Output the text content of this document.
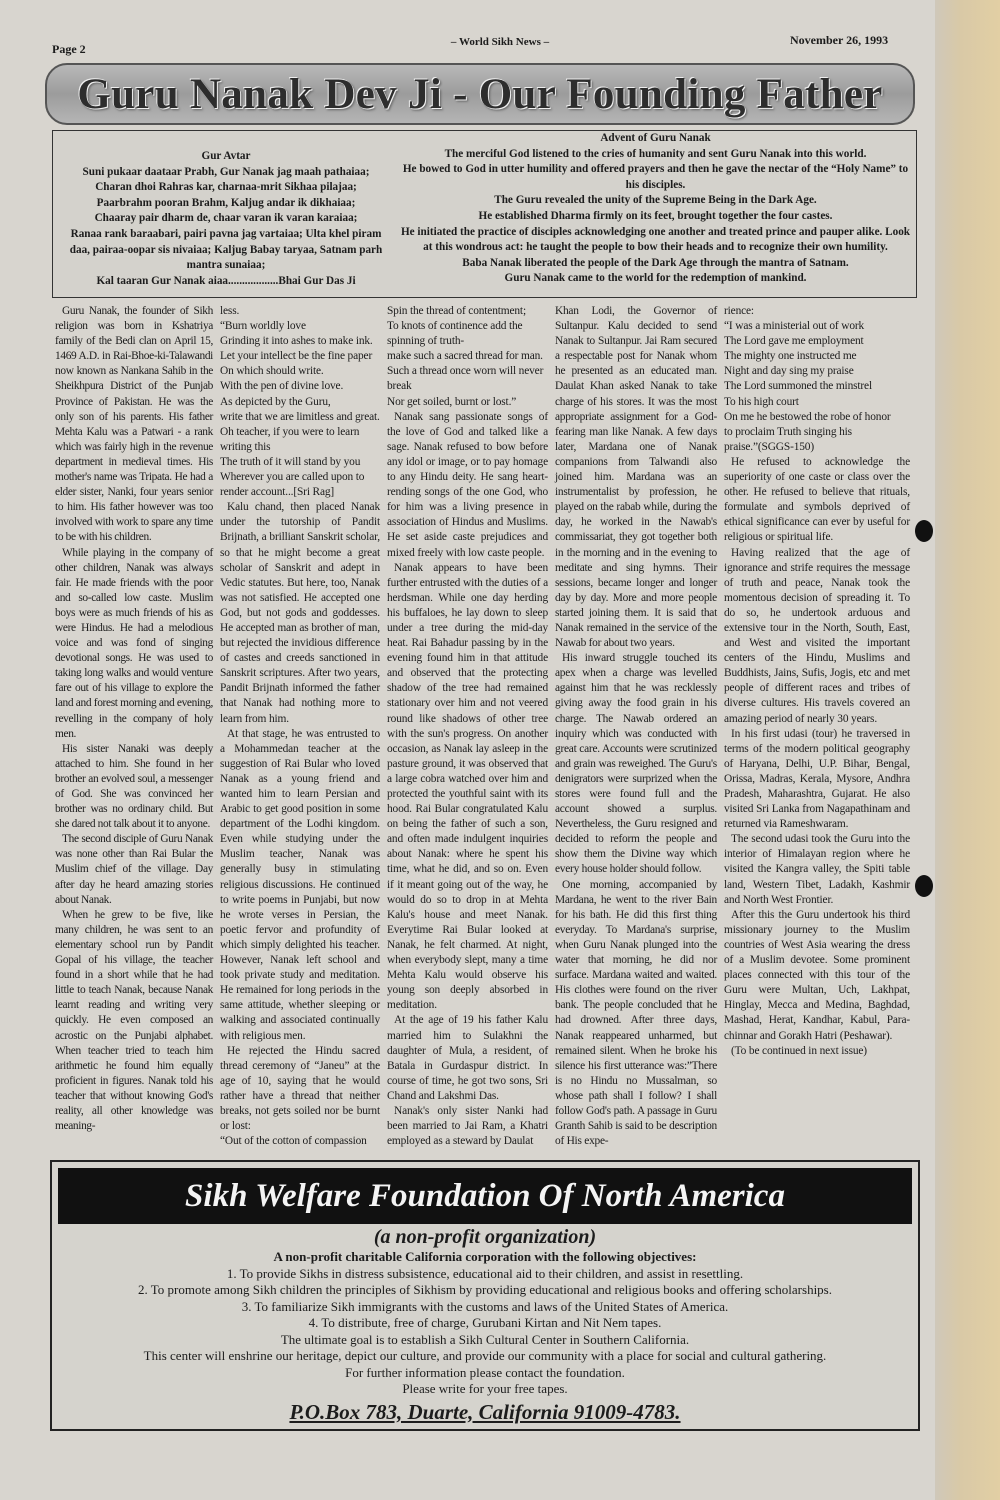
Page 2	– World Sikh News –	November 26, 1993
Guru Nanak Dev Ji - Our Founding Father
Gur Avtar
Suni pukaar daataar Prabh, Gur Nanak jag maah pathaiaa;
Charan dhoi Rahras kar, charnaa-mrit Sikhaa pilajaa;
Paarbrahm pooran Brahm, Kaljug andar ik dikhaiaa;
Chaaray pair dharm de, chaar varan ik varan karaiaa;
Ranaa rank baraabari, pairi pavna jag vartaiaa; Ulta khel piram daa, pairaa-oopar sis nivaiaa; Kaljug Babay taryaa, Satnam parh mantra sunaiaa;
Kal taaran Gur Nanak aiaa..................Bhai Gur Das Ji
Advent of Guru Nanak
The merciful God listened to the cries of humanity and sent Guru Nanak into this world.
He bowed to God in utter humility and offered prayers and then he gave the nectar of the “Holy Name” to his disciples.
The Guru revealed the unity of the Supreme Being in the Dark Age.
He established Dharma firmly on its feet, brought together the four castes.
He initiated the practice of disciples acknowledging one another and treated prince and pauper alike. Look at this wondrous act: he taught the people to bow their heads and to recognize their own humility.
Baba Nanak liberated the people of the Dark Age through the mantra of Satnam.
Guru Nanak came to the world for the redemption of mankind.

Guru Nanak, the founder of Sikh religion was born in Kshatriya family of the Bedi clan on April 15, 1469 A.D. in Rai-Bhoe-ki-Talawandi now known as Nankana Sahib in the Sheikhpura District of the Punjab Province of Pakistan. He was the only son of his parents. His father Mehta Kalu was a Patwari - a rank which was fairly high in the revenue department in medieval times. His mother's name was Tripata. He had a elder sister, Nanki, four years senior to him. His father however was too involved with work to spare any time to be with his children.

While playing in the company of other children, Nanak was always fair. He made friends with the poor and so-called low caste. Muslim boys were as much friends of his as were Hindus. He had a melodious voice and was fond of singing devotional songs. He was used to taking long walks and would venture fare out of his village to explore the land and forest morning and evening, revelling in the company of holy men.

His sister Nanaki was deeply attached to him. She found in her brother an evolved soul, a messenger of God. She was convinced her brother was no ordinary child. But she dared not talk about it to anyone.

The second disciple of Guru Nanak was none other than Rai Bular the Muslim chief of the village. Day after day he heard amazing stories about Nanak.

When he grew to be five, like many children, he was sent to an elementary school run by Pandit Gopal of his village, the teacher found in a short while that he had little to teach Nanak, because Nanak learnt reading and writing very quickly. He even composed an acrostic on the Punjabi alphabet. When teacher tried to teach him arithmetic he found him equally proficient in figures. Nanak told his teacher that without knowing God's reality, all other knowledge was meaning-

less.

“Burn worldly love

Grinding it into ashes to make ink.

Let your intellect be the fine paper

On which should write.

With the pen of divine love.

As depicted by the Guru,

write that we are limitless and great.

Oh teacher, if you were to learn writing this

The truth of it will stand by you

Wherever you are called upon to render account...[Sri Rag]

Kalu chand, then placed Nanak under the tutorship of Pandit Brijnath, a brilliant Sanskrit scholar, so that he might become a great scholar of Sanskrit and adept in Vedic statutes. But here, too, Nanak was not satisfied. He accepted one God, but not gods and goddesses. He accepted man as brother of man, but rejected the invidious difference of castes and creeds sanctioned in Sanskrit scriptures. After two years, Pandit Brijnath informed the father that Nanak had nothing more to learn from him.

At that stage, he was entrusted to a Mohammedan teacher at the suggestion of Rai Bular who loved Nanak as a young friend and wanted him to learn Persian and Arabic to get good position in some department of the Lodhi kingdom. Even while studying under the Muslim teacher, Nanak was generally busy in stimulating religious discussions. He continued to write poems in Punjabi, but now he wrote verses in Persian, the poetic fervor and profundity of which simply delighted his teacher. However, Nanak left school and took private study and meditation. He remained for long periods in the same attitude, whether sleeping or walking and associated continually with religious men.

He rejected the Hindu sacred thread ceremony of “Janeu” at the age of 10, saying that he would rather have a thread that neither breaks, not gets soiled nor be burnt or lost:

“Out of the cotton of compassion

Spin the thread of contentment;

To knots of continence add the spinning of truth-

make such a sacred thread for man.

Such a thread once worn will never break

Nor get soiled, burnt or lost.”

Nanak sang passionate songs of the love of God and talked like a sage. Nanak refused to bow before any idol or image, or to pay homage to any Hindu deity. He sang heart-rending songs of the one God, who for him was a living presence in association of Hindus and Muslims. He set aside caste prejudices and mixed freely with low caste people.

Nanak appears to have been further entrusted with the duties of a herdsman. While one day herding his buffaloes, he lay down to sleep under a tree during the mid-day heat. Rai Bahadur passing by in the evening found him in that attitude and observed that the protecting shadow of the tree had remained stationary over him and not veered round like shadows of other tree with the sun's progress. On another occasion, as Nanak lay asleep in the pasture ground, it was observed that a large cobra watched over him and protected the youthful saint with its hood. Rai Bular congratulated Kalu on being the father of such a son, and often made indulgent inquiries about Nanak: where he spent his time, what he did, and so on. Even if it meant going out of the way, he would do so to drop in at Mehta Kalu's house and meet Nanak. Everytime Rai Bular looked at Nanak, he felt charmed. At night, when everybody slept, many a time Mehta Kalu would observe his young son deeply absorbed in meditation.

At the age of 19 his father Kalu married him to Sulakhni the daughter of Mula, a resident, of Batala in Gurdaspur district. In course of time, he got two sons, Sri Chand and Lakshmi Das.

Nanak's only sister Nanki had been married to Jai Ram, a Khatri employed as a steward by Daulat

Khan Lodi, the Governor of Sultanpur. Kalu decided to send Nanak to Sultanpur. Jai Ram secured a respectable post for Nanak whom he presented as an educated man. Daulat Khan asked Nanak to take charge of his stores. It was the most appropriate assignment for a God-fearing man like Nanak. A few days later, Mardana one of Nanak companions from Talwandi also joined him. Mardana was an instrumentalist by profession, he played on the rabab while, during the day, he worked in the Nawab's commissariat, they got together both in the morning and in the evening to meditate and sing hymns. Their sessions, became longer and longer day by day. More and more people started joining them. It is said that Nanak remained in the service of the Nawab for about two years.

His inward struggle touched its apex when a charge was levelled against him that he was recklessly giving away the food grain in his charge. The Nawab ordered an inquiry which was conducted with great care. Accounts were scrutinized and grain was reweighed. The Guru's denigrators were surprized when the stores were found full and the account showed a surplus. Nevertheless, the Guru resigned and decided to reform the people and show them the Divine way which every house holder should follow.

One morning, accompanied by Mardana, he went to the river Bain for his bath. He did this first thing everyday. To Mardana's surprise, when Guru Nanak plunged into the water that morning, he did nor surface. Mardana waited and waited. His clothes were found on the river bank. The people concluded that he had drowned. After three days, Nanak reappeared unharmed, but remained silent. When he broke his silence his first utterance was:”There is no Hindu no Mussalman, so whose path shall I follow? I shall follow God's path. A passage in Guru Granth Sahib is said to be description of His expe-

rience:

“I was a ministerial out of work

The Lord gave me employment

The mighty one instructed me

Night and day sing my praise

The Lord summoned the minstrel

To his high court

On me he bestowed the robe of honor

to proclaim Truth singing his praise.”(SGGS-150)

He refused to acknowledge the superiority of one caste or class over the other. He refused to believe that rituals, formulate and symbols deprived of ethical significance can ever by useful for religious or spiritual life.

Having realized that the age of ignorance and strife requires the message of truth and peace, Nanak took the momentous decision of spreading it. To do so, he undertook arduous and extensive tour in the North, South, East, and West and visited the important centers of the Hindu, Muslims and Buddhists, Jains, Sufis, Jogis, etc and met people of different races and tribes of diverse cultures. His travels covered an amazing period of nearly 30 years.

In his first udasi (tour) he traversed in terms of the modern political geography of Haryana, Delhi, U.P. Bihar, Bengal, Orissa, Madras, Kerala, Mysore, Andhra Pradesh, Maharashtra, Gujarat. He also visited Sri Lanka from Nagapathinam and returned via Rameshwaram.

The second udasi took the Guru into the interior of Himalayan region where he visited the Kangra valley, the Spiti table land, Western Tibet, Ladakh, Kashmir and North West Frontier.

After this the Guru undertook his third missionary journey to the Muslim countries of West Asia wearing the dress of a Muslim devotee. Some prominent places connected with this tour of the Guru were Multan, Uch, Lakhpat, Hinglay, Mecca and Medina, Baghdad, Mashad, Herat, Kandhar, Kabul, Para-chinnar and Gorakh Hatri (Peshawar).

(To be continued in next issue)

Sikh Welfare Foundation Of North America
(a non-profit organization)
A non-profit charitable California corporation with the following objectives:
1. To provide Sikhs in distress subsistence, educational aid to their children, and assist in resettling.
2. To promote among Sikh children the principles of Sikhism by providing educational and religious books and offering scholarships.
3. To familiarize Sikh immigrants with the customs and laws of the United States of America.
4. To distribute, free of charge, Gurubani Kirtan and Nit Nem tapes.
The ultimate goal is to establish a Sikh Cultural Center in Southern California.
This center will enshrine our heritage, depict our culture, and provide our community with a place for social and cultural gathering.
For further information please contact the foundation.
Please write for your free tapes.
P.O.Box 783, Duarte, California 91009-4783.
